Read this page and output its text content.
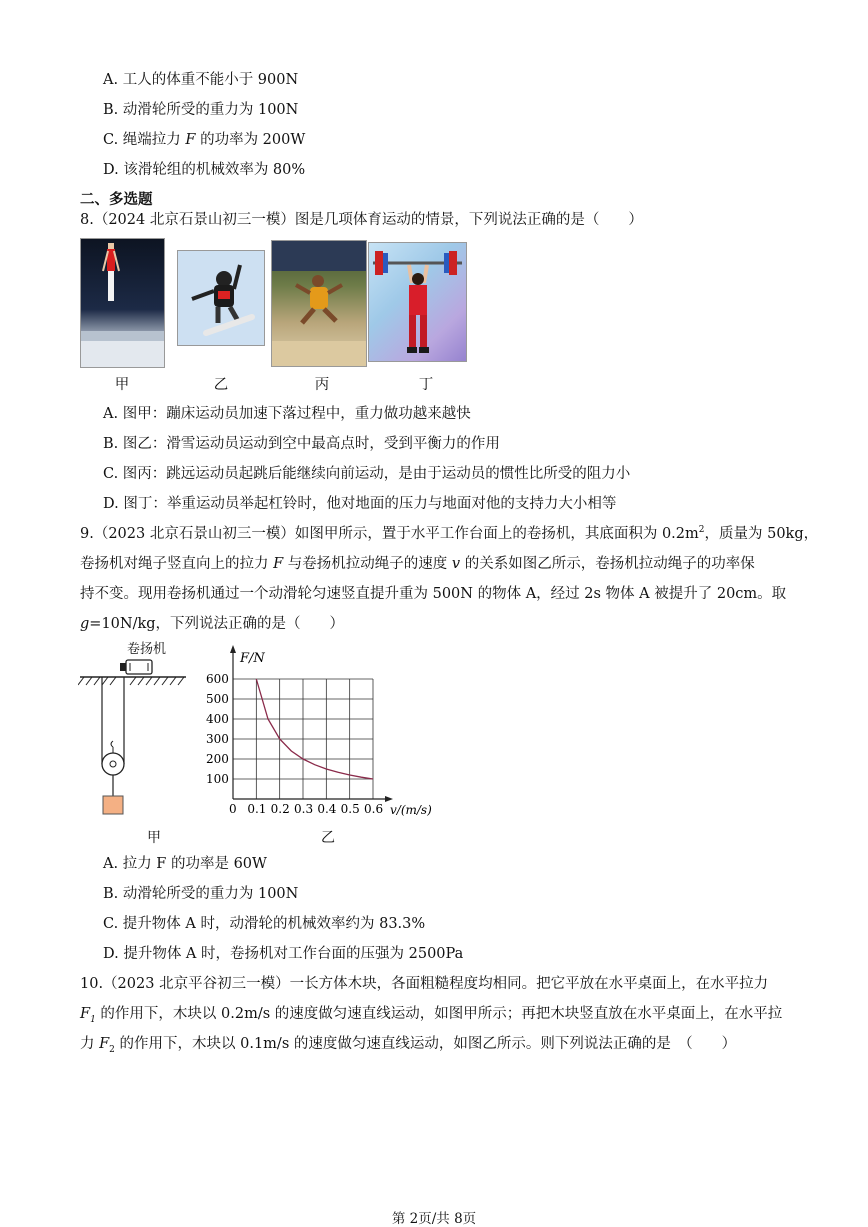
A. 工人的体重不能小于 900N
B. 动滑轮所受的重力为 100N
C. 绳端拉力 F 的功率为 200W
D. 该滑轮组的机械效率为 80%
二、多选题
8.（2024 北京石景山初三一模）图是几项体育运动的情景，下列说法正确的是（　　）
甲	乙	丙	丁
A. 图甲：蹦床运动员加速下落过程中，重力做功越来越快
B. 图乙：滑雪运动员运动到空中最高点时，受到平衡力的作用
C. 图丙：跳远运动员起跳后能继续向前运动，是由于运动员的惯性比所受的阻力小
D. 图丁：举重运动员举起杠铃时，他对地面的压力与地面对他的支持力大小相等
9.（2023 北京石景山初三一模）如图甲所示，置于水平工作台面上的卷扬机，其底面积为 $0.2m^2$，质量为 50kg，
卷扬机对绳子竖直向上的拉力 F 与卷扬机拉动绳子的速度 v 的关系如图乙所示，卷扬机拉动绳子的功率保
持不变。现用卷扬机通过一个动滑轮匀速竖直提升重为 500N 的物体 A，经过 2s 物体 A 被提升了 20cm。取
g=10N/kg，下列说法正确的是（　　）
卷扬机
甲
F/N
v/(m/s)
0 0.1 0.2 0.3 0.4 0.5 0.6
100
200
300
400
500
600
乙
A. 拉力 F 的功率是 60W
B. 动滑轮所受的重力为 100N
C. 提升物体 A 时，动滑轮的机械效率约为 83.3%
D. 提升物体 A 时，卷扬机对工作台面的压强为 2500Pa
10.（2023 北京平谷初三一模）一长方体木块，各面粗糙程度均相同。把它平放在水平桌面上，在水平拉力
$F_1$ 的作用下，木块以 0.2m/s 的速度做匀速直线运动，如图甲所示；再把木块竖直放在水平桌面上，在水平拉
力 $F_2$ 的作用下，木块以 0.1m/s 的速度做匀速直线运动，如图乙所示。则下列说法正确的是　（　　）
第 2页/共 8页
